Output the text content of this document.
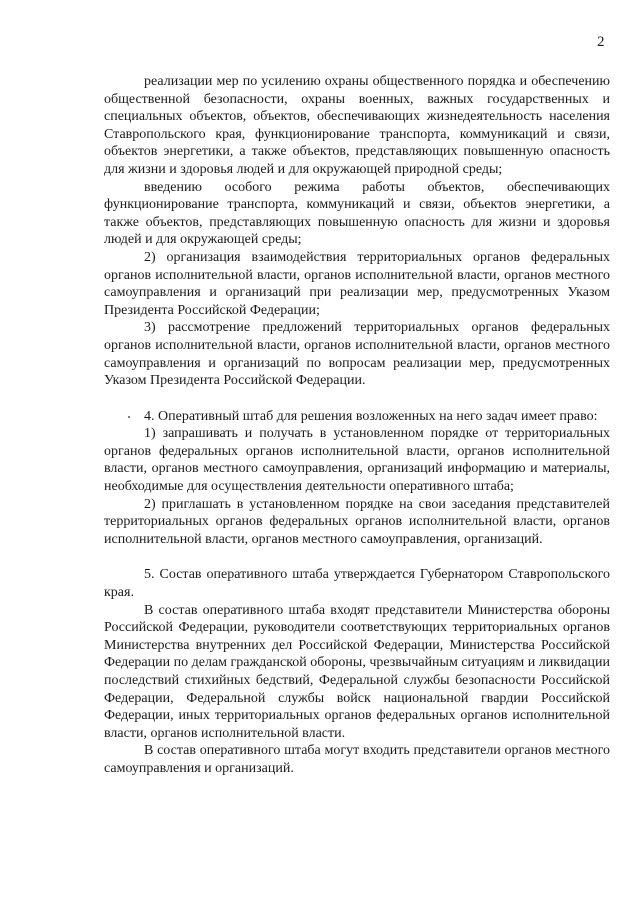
2

реализации мер по усилению охраны общественного порядка и обеспечению общественной безопасности, охраны военных, важных государственных и специальных объектов, объектов, обеспечивающих жизнедеятельность населения Ставропольского края, функционирование транспорта, коммуникаций и связи, объектов энергетики, а также объектов, представляющих повышенную опасность для жизни и здоровья людей и для окружающей природной среды;

введению особого режима работы объектов, обеспечивающих функционирование транспорта, коммуникаций и связи, объектов энергетики, а также объектов, представляющих повышенную опасность для жизни и здоровья людей и для окружающей среды;

2) организация взаимодействия территориальных органов федеральных органов исполнительной власти, органов исполнительной власти, органов местного самоуправления и организаций при реализации мер, предусмотренных Указом Президента Российской Федерации;

3) рассмотрение предложений территориальных органов федеральных органов исполнительной власти, органов исполнительной власти, органов местного самоуправления и организаций по вопросам реализации мер, предусмотренных Указом Президента Российской Федерации.

4. Оперативный штаб для решения возложенных на него задач имеет право:

1) запрашивать и получать в установленном порядке от территориальных органов федеральных органов исполнительной власти, органов исполнительной власти, органов местного самоуправления, организаций информацию и материалы, необходимые для осуществления деятельности оперативного штаба;

2) приглашать в установленном порядке на свои заседания представителей территориальных органов федеральных органов исполнительной власти, органов исполнительной власти, органов местного самоуправления, организаций.

5. Состав оперативного штаба утверждается Губернатором Ставропольского края.

В состав оперативного штаба входят представители Министерства обороны Российской Федерации, руководители соответствующих территориальных органов Министерства внутренних дел Российской Федерации, Министерства Российской Федерации по делам гражданской обороны, чрезвычайным ситуациям и ликвидации последствий стихийных бедствий, Федеральной службы безопасности Российской Федерации, Федеральной службы войск национальной гвардии Российской Федерации, иных территориальных органов федеральных органов исполнительной власти, органов исполнительной власти.

В состав оперативного штаба могут входить представители органов местного самоуправления и организаций.
